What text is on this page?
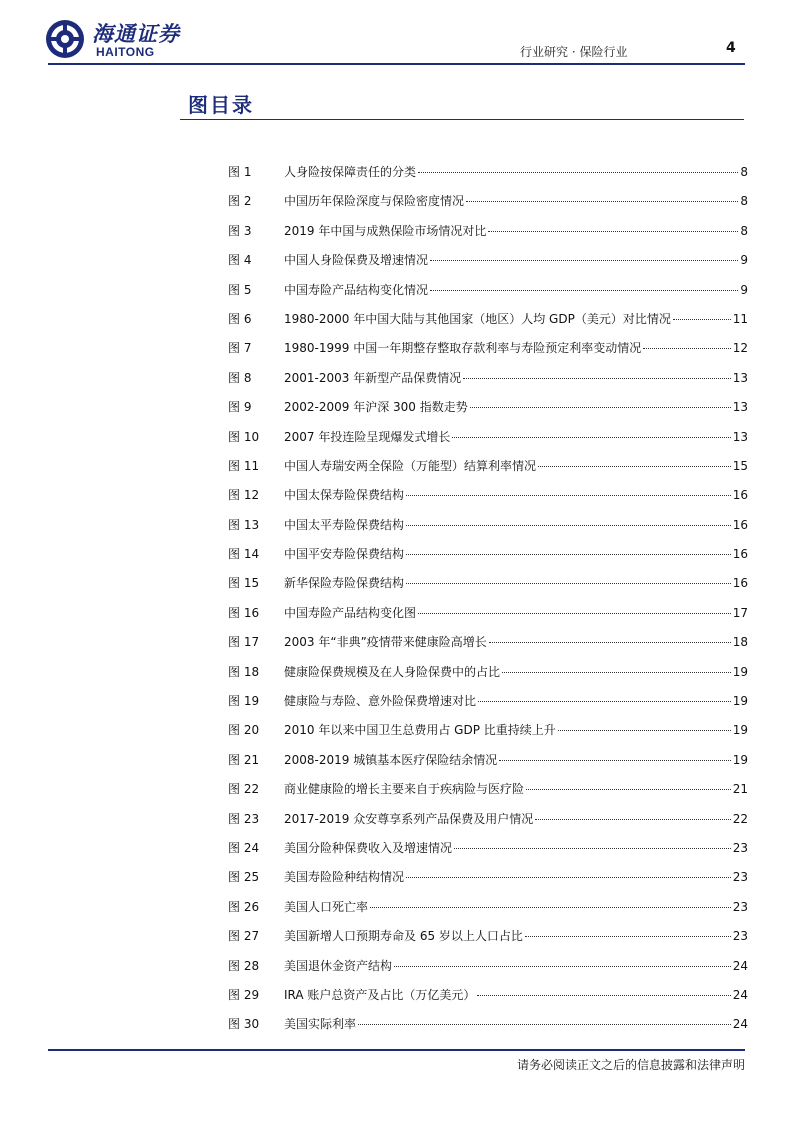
海通证券
HAITONG	行业研究 · 保险行业	4
图目录
图 1	人身险按保障责任的分类	8
图 2	中国历年保险深度与保险密度情况	8
图 3	2019 年中国与成熟保险市场情况对比	8
图 4	中国人身险保费及增速情况	9
图 5	中国寿险产品结构变化情况	9
图 6	1980-2000 年中国大陆与其他国家（地区）人均 GDP（美元）对比情况	11
图 7	1980-1999 中国一年期整存整取存款利率与寿险预定利率变动情况	12
图 8	2001-2003 年新型产品保费情况	13
图 9	2002-2009 年沪深 300 指数走势	13
图 10	2007 年投连险呈现爆发式增长	13
图 11	中国人寿瑞安两全保险（万能型）结算利率情况	15
图 12	中国太保寿险保费结构	16
图 13	中国太平寿险保费结构	16
图 14	中国平安寿险保费结构	16
图 15	新华保险寿险保费结构	16
图 16	中国寿险产品结构变化图	17
图 17	2003 年“非典”疫情带来健康险高增长	18
图 18	健康险保费规模及在人身险保费中的占比	19
图 19	健康险与寿险、意外险保费增速对比	19
图 20	2010 年以来中国卫生总费用占 GDP 比重持续上升	19
图 21	2008-2019 城镇基本医疗保险结余情况	19
图 22	商业健康险的增长主要来自于疾病险与医疗险	21
图 23	2017-2019 众安尊享系列产品保费及用户情况	22
图 24	美国分险种保费收入及增速情况	23
图 25	美国寿险险种结构情况	23
图 26	美国人口死亡率	23
图 27	美国新增人口预期寿命及 65 岁以上人口占比	23
图 28	美国退休金资产结构	24
图 29	IRA 账户总资产及占比（万亿美元）	24
图 30	美国实际利率	24
请务必阅读正文之后的信息披露和法律声明
